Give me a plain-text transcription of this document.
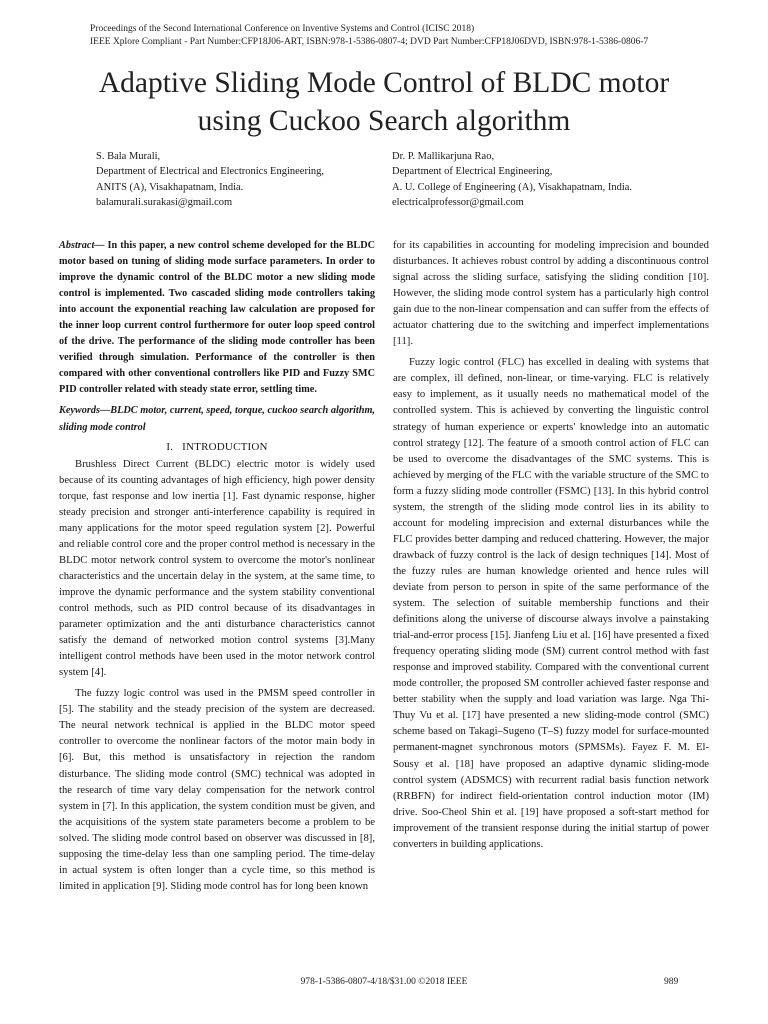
Proceedings of the Second International Conference on Inventive Systems and Control (ICISC 2018)
IEEE Xplore Compliant - Part Number:CFP18J06-ART, ISBN:978-1-5386-0807-4; DVD Part Number:CFP18J06DVD, ISBN:978-1-5386-0806-7
Adaptive Sliding Mode Control of BLDC motor
using Cuckoo Search algorithm
S. Bala Murali,
Department of Electrical and Electronics Engineering,
ANITS (A), Visakhapatnam, India.
balamurali.surakasi@gmail.com
Dr. P. Mallikarjuna Rao,
Department of Electrical Engineering,
A. U. College of Engineering (A), Visakhapatnam, India.
electricalprofessor@gmail.com

Abstract— In this paper, a new control scheme developed for the BLDC motor based on tuning of sliding mode surface parameters. In order to improve the dynamic control of the BLDC motor a new sliding mode control is implemented. Two cascaded sliding mode controllers taking into account the exponential reaching law calculation are proposed for the inner loop current control furthermore for outer loop speed control of the drive. The performance of the sliding mode controller has been verified through simulation. Performance of the controller is then compared with other conventional controllers like PID and Fuzzy SMC PID controller related with steady state error, settling time.

Keywords—BLDC motor, current, speed, torque, cuckoo search algorithm, sliding mode control

I. INTRODUCTION

Brushless Direct Current (BLDC) electric motor is widely used because of its counting advantages of high efficiency, high power density torque, fast response and low inertia [1]. Fast dynamic response, higher steady precision and stronger anti-interference capability is required in many applications for the motor speed regulation system [2]. Powerful and reliable control core and the proper control method is necessary in the BLDC motor network control system to overcome the motor's nonlinear characteristics and the uncertain delay in the system, at the same time, to improve the dynamic performance and the system stability conventional control methods, such as PID control because of its disadvantages in parameter optimization and the anti disturbance characteristics cannot satisfy the demand of networked motion control systems [3].Many intelligent control methods have been used in the motor network control system [4].

The fuzzy logic control was used in the PMSM speed controller in [5]. The stability and the steady precision of the system are decreased. The neural network technical is applied in the BLDC motor speed controller to overcome the nonlinear factors of the motor main body in [6]. But, this method is unsatisfactory in rejection the random disturbance. The sliding mode control (SMC) technical was adopted in the research of time vary delay compensation for the network control system in [7]. In this application, the system condition must be given, and the acquisitions of the system state parameters become a problem to be solved. The sliding mode control based on observer was discussed in [8], supposing the time-delay less than one sampling period. The time-delay in actual system is often longer than a cycle time, so this method is limited in application [9]. Sliding mode control has for long been known

for its capabilities in accounting for modeling imprecision and bounded disturbances. It achieves robust control by adding a discontinuous control signal across the sliding surface, satisfying the sliding condition [10]. However, the sliding mode control system has a particularly high control gain due to the non-linear compensation and can suffer from the effects of actuator chattering due to the switching and imperfect implementations [11].

Fuzzy logic control (FLC) has excelled in dealing with systems that are complex, ill defined, non-linear, or time-varying. FLC is relatively easy to implement, as it usually needs no mathematical model of the controlled system. This is achieved by converting the linguistic control strategy of human experience or experts' knowledge into an automatic control strategy [12]. The feature of a smooth control action of FLC can be used to overcome the disadvantages of the SMC systems. This is achieved by merging of the FLC with the variable structure of the SMC to form a fuzzy sliding mode controller (FSMC) [13]. In this hybrid control system, the strength of the sliding mode control lies in its ability to account for modeling imprecision and external disturbances while the FLC provides better damping and reduced chattering. However, the major drawback of fuzzy control is the lack of design techniques [14]. Most of the fuzzy rules are human knowledge oriented and hence rules will deviate from person to person in spite of the same performance of the system. The selection of suitable membership functions and their definitions along the universe of discourse always involve a painstaking trial-and-error process [15]. Jianfeng Liu et al. [16] have presented a fixed frequency operating sliding mode (SM) current control method with fast response and improved stability. Compared with the conventional current mode controller, the proposed SM controller achieved faster response and better stability when the supply and load variation was large. Nga Thi-Thuy Vu et al. [17] have presented a new sliding-mode control (SMC) scheme based on Takagi–Sugeno (T–S) fuzzy model for surface-mounted permanent-magnet synchronous motors (SPMSMs). Fayez F. M. El-Sousy et al. [18] have proposed an adaptive dynamic sliding-mode control system (ADSMCS) with recurrent radial basis function network (RRBFN) for indirect field-orientation control induction motor (IM) drive. Soo-Cheol Shin et al. [19] have proposed a soft-start method for improvement of the transient response during the initial startup of power converters in building applications.

978-1-5386-0807-4/18/$31.00 ©2018 IEEE	989
